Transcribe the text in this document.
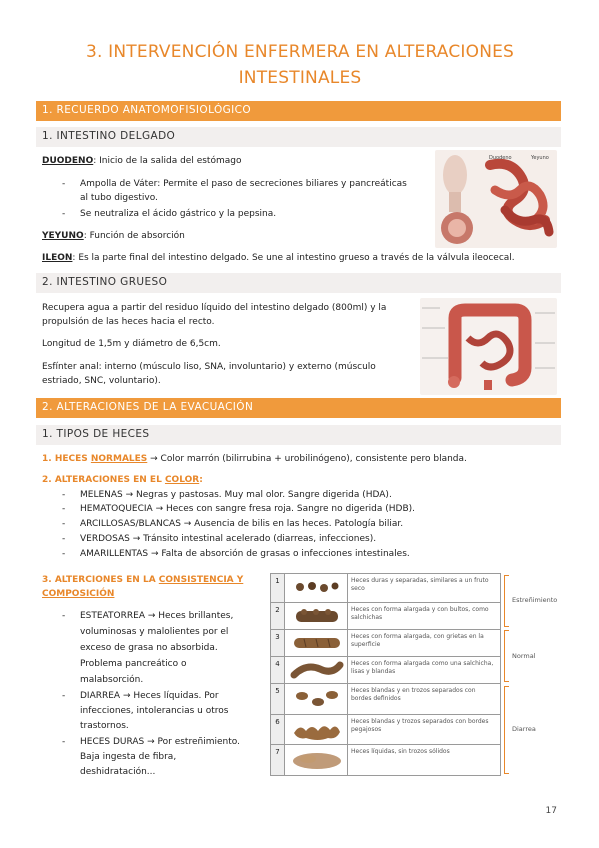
3. INTERVENCIÓN ENFERMERA EN ALTERACIONES
INTESTINALES
1. RECUERDO ANATOMOFISIOLÓGICO
1. INTESTINO DELGADO
DUODENO: Inicio de la salida del estómago
- Ampolla de Váter: Permite el paso de secreciones biliares y pancreáticas
al tubo digestivo.
- Se neutraliza el ácido gástrico y la pepsina.
YEYUNO: Función de absorción
ILEON: Es la parte final del intestino delgado. Se une al intestino grueso a través de la válvula ileocecal.
Duodeno	Yeyuno
2. INTESTINO GRUESO
Recupera agua a partir del residuo líquido del intestino delgado (800ml) y la
propulsión de las heces hacia el recto.
Longitud de 1,5m y diámetro de 6,5cm.
Esfínter anal: interno (músculo liso, SNA, involuntario) y externo (músculo
estriado, SNC, voluntario).
2. ALTERACIONES DE LA EVACUACIÓN
1. TIPOS DE HECES
1. HECES NORMALES → Color marrón (bilirrubina + urobilinógeno), consistente pero blanda.
2. ALTERACIONES EN EL COLOR:
- MELENAS → Negras y pastosas. Muy mal olor. Sangre digerida (HDA).
- HEMATOQUECIA → Heces con sangre fresa roja. Sangre no digerida (HDB).
- ARCILLOSAS/BLANCAS → Ausencia de bilis en las heces. Patología biliar.
- VERDOSAS → Tránsito intestinal acelerado (diarreas, infecciones).
- AMARILLENTAS → Falta de absorción de grasas o infecciones intestinales.
3. ALTERCIONES EN LA CONSISTENCIA Y
COMPOSICIÓN
- ESTEATORREA → Heces brillantes,
voluminosas y malolientes por el
exceso de grasa no absorbida.
Problema pancreático o
malabsorción.
- DIARREA → Heces líquidas. Por
infecciones, intolerancias u otros
trastornos.
- HECES DURAS → Por estreñimiento.
Baja ingesta de fibra,
deshidratación...
1	Heces duras y separadas, similares a un fruto seco
2	Heces con forma alargada y con bultos, como salchichas
3	Heces con forma alargada, con grietas en la superficie
4	Heces con forma alargada como una salchicha, lisas y blandas
5	Heces blandas y en trozos separados con bordes definidos
6	Heces blandas y trozos separados con bordes pegajosos
7	Heces líquidas, sin trozos sólidos
Estreñimiento
Normal
Diarrea
17
